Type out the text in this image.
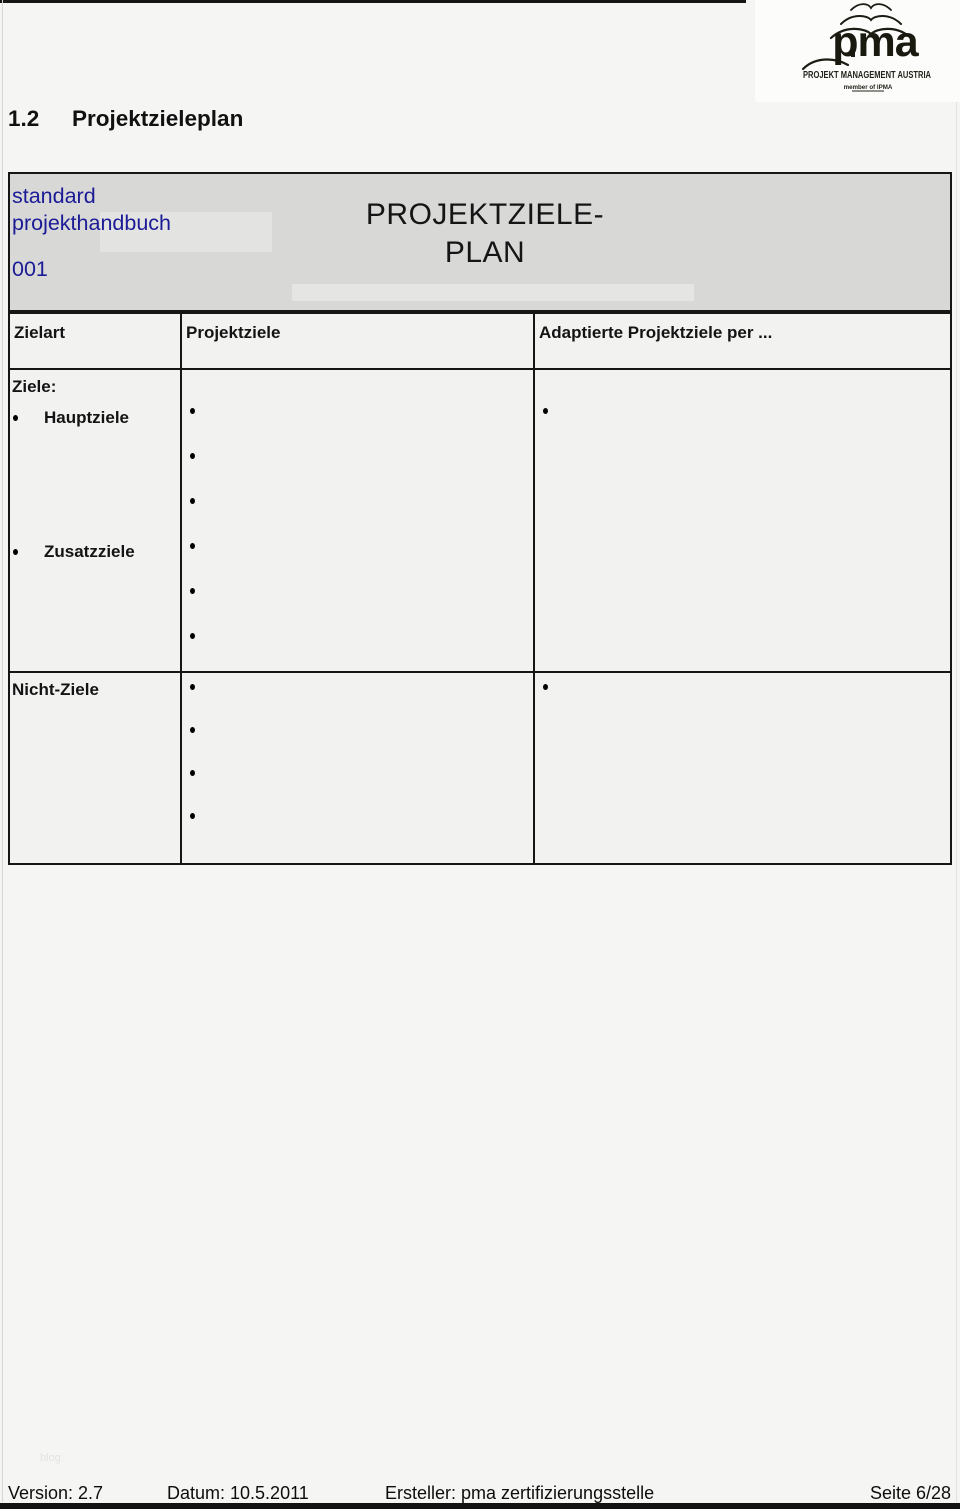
pma
PROJEKT MANAGEMENT AUSTRIA
member of IPMA
1.2 Projektzieleplan
standard
projekthandbuch
001
PROJEKTZIELE-
PLAN
Zielart	Projektziele	Adaptierte Projektziele per ...
Ziele:
Hauptziele
Zusatzziele
Nicht-Ziele
blog
Version: 2.7	Datum: 10.5.2011	Ersteller: pma zertifizierungsstelle	Seite 6/28
